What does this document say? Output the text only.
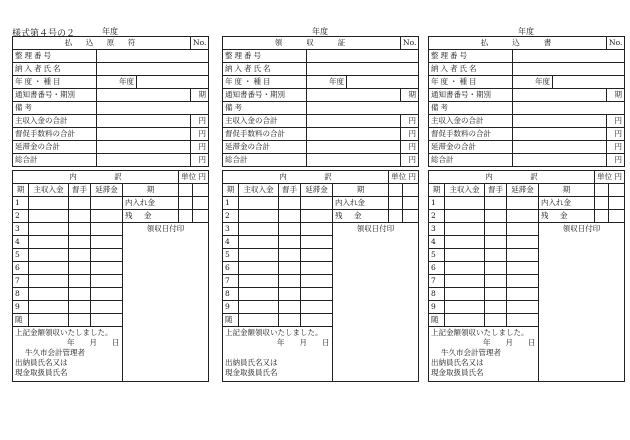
様式第４号の２	年度
払　込　原　符			No.
整理番号			
納入者氏名			
年度・種目	年度		
通知書番号・期別			期
備考			
主収入金の合計			円
督促手数料の合計			円
延滞金の合計			円
総合計			円
内　　　　　訳					単位 円	
期	主収入金	督手	延滞金	期		
1				内入れ金		
2				残　金		
3				領収日付印		
4						
5						
6						
7						
8						
9						
随						

上記金額領収いたしました。
年　　月　　日
牛久市会計管理者
出納員氏名又は
現金取扱員氏名						
年度
領　　収　　証			No.
整理番号			
納入者氏名			
年度・種目	年度		
通知書番号・期別			期
備考			
主収入金の合計			円
督促手数料の合計			円
延滞金の合計			円
総合計			円
内　　　　　訳					単位 円	
期	主収入金	督手	延滞金	期		
1				内入れ金		
2				残　金		
3				領収日付印		
4						
5						
6						
7						
8						
9						
随						

上記金額領収いたしました。
年　　月　　日
出納員氏名又は
現金取扱員氏名						
年度
払　　込　　書			No.
整理番号			
納入者氏名			
年度・種目	年度		
通知書番号・期別			期
備考			
主収入金の合計			円
督促手数料の合計			円
延滞金の合計			円
総合計			円
内　　　　　訳					単位 円	
期	主収入金	督手	延滞金	期		
1				内入れ金		
2				残　金		
3				領収日付印		
4						
5						
6						
7						
8						
9						
随						

上記金額領収いたしました。
年　　月　　日
牛久市会計管理者
出納員氏名又は
現金取扱員氏名						
